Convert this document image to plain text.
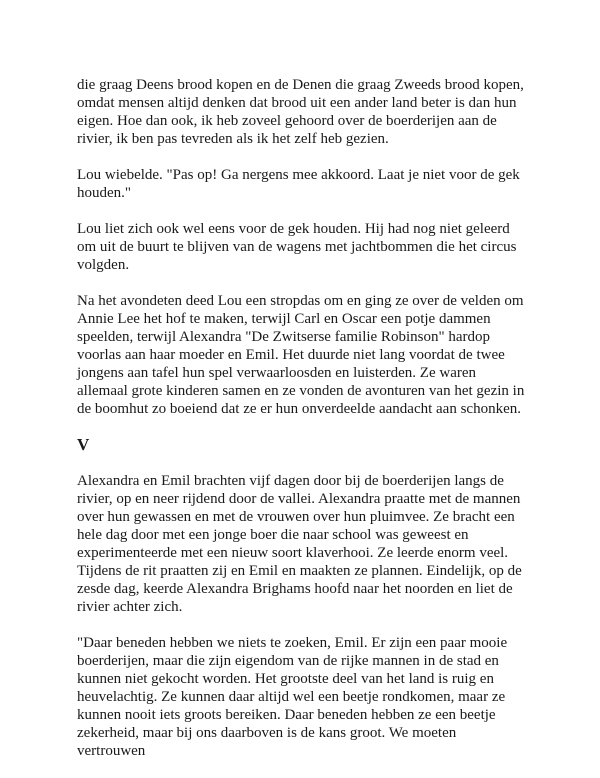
die graag Deens brood kopen en de Denen die graag Zweeds brood kopen, omdat mensen altijd denken dat brood uit een ander land beter is dan hun eigen. Hoe dan ook, ik heb zoveel gehoord over de boerderijen aan de rivier, ik ben pas tevreden als ik het zelf heb gezien.

Lou wiebelde. "Pas op! Ga nergens mee akkoord. Laat je niet voor de gek houden."

Lou liet zich ook wel eens voor de gek houden. Hij had nog niet geleerd om uit de buurt te blijven van de wagens met jachtbommen die het circus volgden.

Na het avondeten deed Lou een stropdas om en ging ze over de velden om Annie Lee het hof te maken, terwijl Carl en Oscar een potje dammen speelden, terwijl Alexandra "De Zwitserse familie Robinson" hardop voorlas aan haar moeder en Emil. Het duurde niet lang voordat de twee jongens aan tafel hun spel verwaarloosden en luisterden. Ze waren allemaal grote kinderen samen en ze vonden de avonturen van het gezin in de boomhut zo boeiend dat ze er hun onverdeelde aandacht aan schonken.

V

Alexandra en Emil brachten vijf dagen door bij de boerderijen langs de rivier, op en neer rijdend door de vallei. Alexandra praatte met de mannen over hun gewassen en met de vrouwen over hun pluimvee. Ze bracht een hele dag door met een jonge boer die naar school was geweest en experimenteerde met een nieuw soort klaverhooi. Ze leerde enorm veel. Tijdens de rit praatten zij en Emil en maakten ze plannen. Eindelijk, op de zesde dag, keerde Alexandra Brighams hoofd naar het noorden en liet de rivier achter zich.

"Daar beneden hebben we niets te zoeken, Emil. Er zijn een paar mooie boerderijen, maar die zijn eigendom van de rijke mannen in de stad en kunnen niet gekocht worden. Het grootste deel van het land is ruig en heuvelachtig. Ze kunnen daar altijd wel een beetje rondkomen, maar ze kunnen nooit iets groots bereiken. Daar beneden hebben ze een beetje zekerheid, maar bij ons daarboven is de kans groot. We moeten vertrouwen
